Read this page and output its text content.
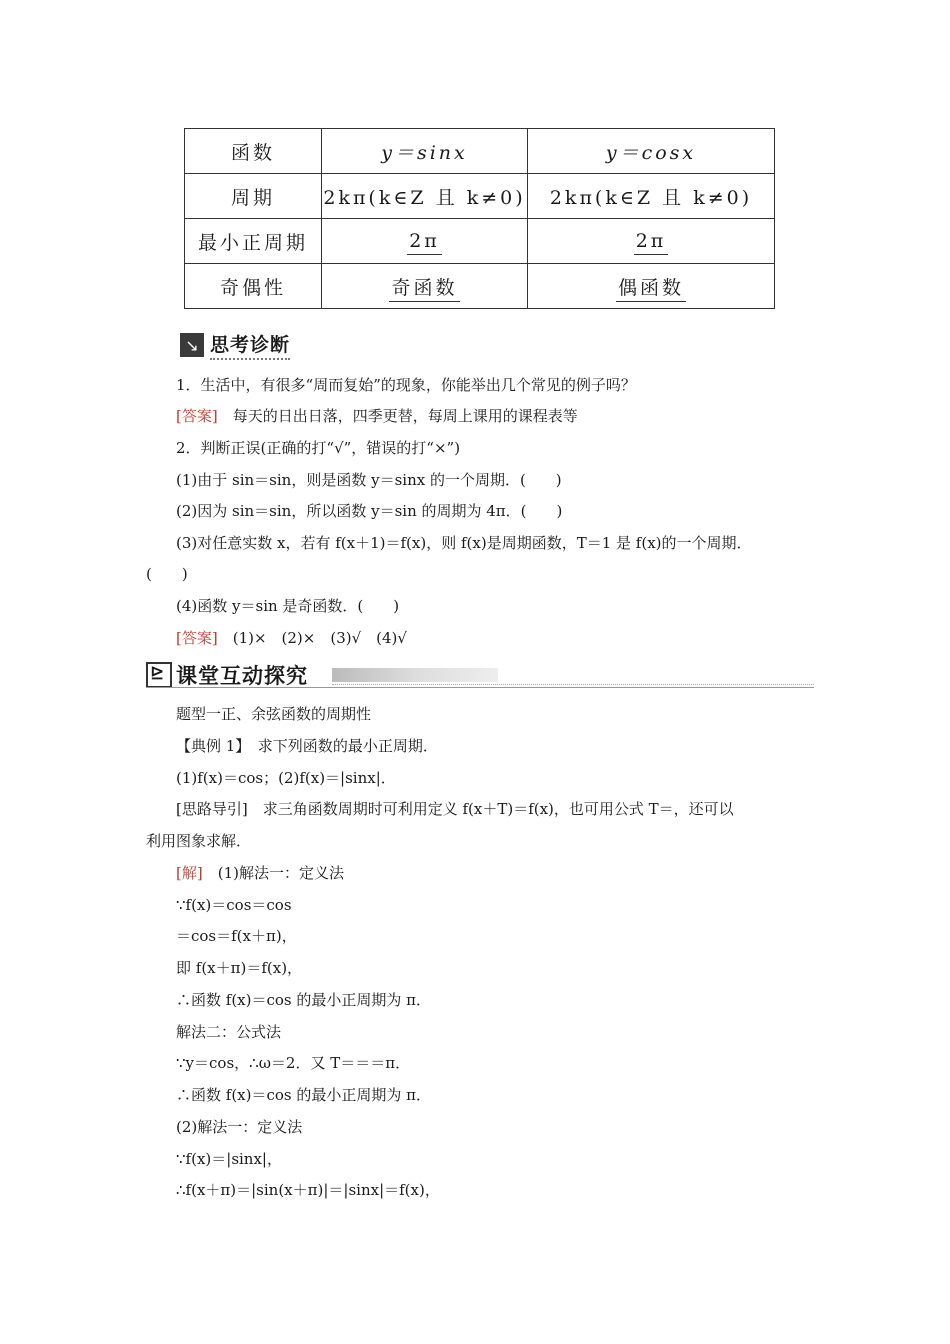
函数	y＝sinx	y＝cosx
周期	2kπ(k∈Z 且 k≠0)	2kπ(k∈Z 且 k≠0)
最小正周期	2π	2π
奇偶性	奇函数	偶函数
↘ 思考诊断
1．生活中，有很多“周而复始”的现象，你能举出几个常见的例子吗？
[答案]　每天的日出日落，四季更替，每周上课用的课程表等
2．判断正误(正确的打“√”，错误的打“×”)
(1)由于 sin＝sin，则是函数 y＝sinx 的一个周期．(　　)
(2)因为 sin＝sin，所以函数 y＝sin 的周期为 4π．(　　)
(3)对任意实数 x，若有 f(x＋1)＝f(x)，则 f(x)是周期函数，T＝1 是 f(x)的一个周期．
(　　)
(4)函数 y＝sin 是奇函数．(　　)
[答案]　(1)×　(2)×　(3)√　(4)√
⊵ 课堂互动探究
题型一正、余弦函数的周期性
【典例 1】　求下列函数的最小正周期．
(1)f(x)＝cos；(2)f(x)＝|sinx|．
[思路导引]　求三角函数周期时可利用定义 f(x＋T)＝f(x)，也可用公式 T＝，还可以
利用图象求解．
[解]　(1)解法一：定义法
∵f(x)＝cos＝cos
＝cos＝f(x＋π)，
即 f(x＋π)＝f(x)，
∴函数 f(x)＝cos 的最小正周期为 π．
解法二：公式法
∵y＝cos，∴ω＝2．又 T＝＝＝π．
∴函数 f(x)＝cos 的最小正周期为 π．
(2)解法一：定义法
∵f(x)＝|sinx|，
∴f(x＋π)＝|sin(x＋π)|＝|sinx|＝f(x)，
